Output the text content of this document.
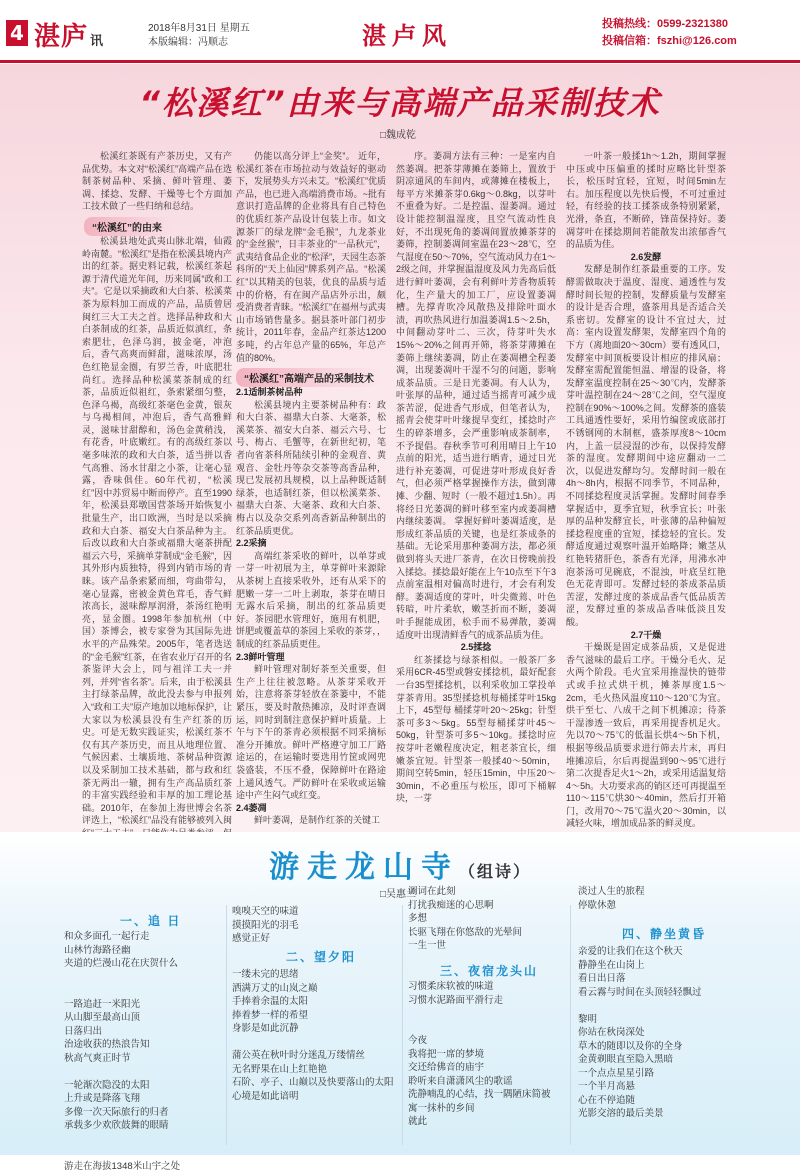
4 湛庐 讯
2018年8月31日 星期五
本版编辑：冯顺志	湛卢风	投稿热线：0599-2321380
投稿信箱：fszhi@126.com
“松溪红”由来与高端产品采制技术
□魏成乾

松溪红茶既有产茶历史，又有产品优势。本文对“松溪红”高端产品在选制茶树品种、采摘、鲜叶管理、萎凋、揉捻、发酵、干燥等七个方面加工技术做了一些归纳和总结。

“松溪红”的由来

松溪县地处武夷山脉北端，仙霞岭南麓。“松溪红”是指在松溪县境内产出的红茶。据史料记载，松溪红茶起源于清代道光年间，历来同属“政和工夫”。它是以采摘政和大白茶、松溪菜茶为原料加工而成的产品，品质曾居闽红三大工夫之首。选择品种政和大白茶制成的红茶，品质近似滇红，条索肥壮，色泽乌润，披金毫，冲泡后，香气高爽而鲜甜，滋味浓厚，汤色红艳显金圈，有罗兰香，叶底肥壮尚红。选择品种松溪菜茶制成的红茶，品质近似祖红，条索紧细匀整，色泽乌褐，高级红茶毫色金黄，银灰与乌褐相间，冲泡后，香气高雅鲜灵，滋味甘甜醇和，汤色金黄稍浅，有花香，叶底嫩红。有的高级红茶以毫多味浓的政和大白茶，适当拼以香气高雅、汤水甘甜之小茶，让毫心显露，香味俱佳。60年代初，“松溪红”因中苏贸易中断而停产。直至1990年，松溪县郑墩国营茶场开始恢复小批量生产，出口欧洲，当时是以采摘政和大白茶、福安大白茶品种为主。后改以政和大白茶或福鼎大毫茶拼配福云六号，采摘单芽制成“金毛猴”，因其外形内质独特，得到内销市场的青睐。该产品条索紧而细，弯曲带勾，毫心显露，密被金黄色茸毛，香气鲜浓高长，滋味醇厚润滑，茶汤红艳明亮，显金圈。1998年参加杭州（中国）茶博会，被专家誉为其国际先进水平的产品殊荣。2005年，笔者选送的“金毛猴”红茶，在省农业厅召开的名茶鉴评大会上，同与祖洋工夫一并列，并列“省名茶”。后来，由于松溪县主打绿茶品牌，故此没去参与申报列入“政和工夫”原产地加以地标保护，让大家以为松溪县没有生产红茶的历史。可是无数实践证实，松溪红茶不仅有其产茶历史，而且从地理位置、气候因素、土壤质地、茶树品种资源以及采制加工技术基础，都与政和红茶无两出一辙，拥有生产高品质红茶的丰富实践经验和丰厚的加工理论基础。2010年，在参加上海世博会名茶评选上，“松溪红”品没有能够被列入闽

仍能以高分评上“金奖”。 近年，松溪红茶在市场拉动与效益好的驱动下，发展势头方兴未艾。“松溪红”优质产品，也已进入高端消费市场。~批有意识打造品牌的企业将具有自己特色的优质红茶产品设计包装上市。如文源茶厂的绿龙牌“金毛猴”，九龙茶业的“金丝猴”，日丰茶业的“一品秋元”，武夷结食品企业的“松泽”，天园生态茶科所的“天上仙园”牌系列产品。“松溪红”以其精美的包装，优良的品质与适中的价格，有在闽产品店外示出，颇受消费者青睐。“松溪红”在福州与武夷山市场销售量多。据县茶叶部门初步统计，2011年春，金品产红茶达1200多吨，约占年总产量的65%，年总产值的80%。

“松溪红”高端产品的采制技术

2.1适制茶树品种

松溪县境内主要茶树品种有：政和大白茶、福鼎大白茶、大毫茶，松溪菜茶、福安大白茶、福云六号、七号、梅占、毛蟹等，在新世纪初，笔者向省茶科所陆续引种的金观音、黄观音、金牡丹等杂交茶等高香品种，现已发展初具规模，以上品种既适制绿茶，也适制红茶，但以松溪菜茶、福鼎大白茶、大毫茶、政和大白茶、梅占以及杂交系列高香新品种制出的红茶品质更优。

2.2采摘

高端红茶采收的鲜叶，以单芽或一芽一叶初展为主，单芽鲜叶来源除从茶树上直接采收外，还有从采下的肥嫩一芽一二叶上剥取，茶芽在晴日无露水后采摘，制出的红茶品质更好。茶园肥水管理好，施用有机肥，饼肥或覆盖草的茶园上采收的茶芽，，制成的红茶品质更佳。

2.3鲜叶管理

鲜叶管理对制好茶至关重要，但生产上往往被忽略。从茶芽采收开始，注意将茶芽轻放在茶篓中，不能紧压，要及时散热摊凉，及时评查调运，同时到制注意保护鲜叶质量。上午与下午的茶青必须根据不同采摘标准分开摊放。鲜叶严格遵守加工厂路途运的，在运输时要选用竹筐或网兜袋盛装，不压不叠，保障鲜叶在路途上通风透气。严防鲜叶在采收或运输途中产生闷气或红变。

2.4萎凋

鲜叶萎凋，是制作红茶的关键工

序。萎凋方法有三种：一是室内自然萎凋。把茶芽薄摊在萎筛上，置放于阴凉通风的车间内，或薄摊在楼板上，每平方米摊茶芽0.6kg～0.8kg，以芽叶不重叠为好。二是控温、湿萎凋。通过设计能控制温湿度，且空气流动性良好，不出现死角的萎凋间置放摊茶芽的萎筛，控制萎凋间室温在23～28℃，空气湿度在50～70%，空气流动风力在1～2级之间，并掌握温湿度及风力先高后低进行鲜叶萎凋，会有利鲜叶芳香物质转化，生产量大的加工厂，应设置萎凋槽。先撑青吹冷风散热及排除叶面水渍，再吹热风进行加温萎凋1.5～2.5h，中间翻动芽叶二、三次，待芽叶失水15%～20%之间再开筛，将茶芽薄摊在萎筛上继续萎凋，防止在萎凋槽全程萎凋，出现萎凋叶干湿不匀的问题，影响成茶品质。三是日光萎凋。有人认为，叶张厚的品种，通过适当摇青可减少成茶苦涩，促进香气形成，但笔者认为，摇青会使芽叶叶缘提早变红，揉捻时产生的碎茶增多，会严重影响成茶制率，不予提倡。春秋季节可利用晴日上午10点前的阳光，适当进行晒青，通过日光进行补充萎凋，可促进芽叶形成良好香气，但必须严格掌握操作方法，做到薄摊、少翻、短时（一般不超过1.5h）。再将经日光萎凋的鲜叶移至室内或萎凋槽内继续萎凋。 掌握好鲜叶萎凋适度，是形成红茶品质的关键，也是红茶成条的基础。无论采用那种萎凋方法，都必须做到将头天进厂茶青，在次日傍晚前投入揉捻。揉捻最好能在上午10点至下午3点前室温相对偏高时进行，才会有利发酵。萎凋适度的芽叶，叶尖微蔫、叶色转暗，叶片柔软，嫩茎折而不断，萎凋叶手握能成团，松手而不易弹散，萎凋适度叶出现清鲜香气的成茶品质为佳。

2.5揉捻

红茶揉捻与绿茶相似。一般茶厂多采用6CR-45型或磐安揉捻机，最好配套一台35型揉捻机，以利采收加工掌投单芽茶青用。35型揉捻机每桶揉芽叶15kg上下，45型每 桶揉芽叶20～25kg；针型茶可多3～5kg。55型每桶揉芽叶45～50kg，针型茶可多5～10kg。揉捻时应按芽叶老嫩程度决定，粗老茶宜长，细嫩茶宜短。针型茶一般揉40～50min，期间空转5min，轻压15min，中压20～30min，不必重压与松压，即可下桶解块，一芽

一叶茶一般揉1h～1.2h，期间掌握中压或中压偏重的揉时应略比针型茶长，松压时宜轻，宜短，时间5min左右。加压程度以先快后慢，不可过重过轻，有经验的技工揉茶成条特别紧紧，光滑，条直，不断碎，锋苗保持好。萎凋芽叶在揉捻期间若能散发出浓郁香气的品质为佳。

2.6发酵

发酵是制作红茶最重要的工序。发酵需做取决于温度、湿度、通透性与发酵时间长短的控制，发酵质量与发酵室的设计是否合理，盛茶用具是否适合关系密切。发酵室的设计不宜过大，过高：室内设置发酵架，发酵室四个角的下方（离地面20～30cm）要有透风口，发酵室中间顶板要设计相应的排风扇；发酵室需配置能恒温、增湿的设备，将发酵室温度控制在25～30℃内，发酵茶芽叶温控制在24～28℃之间，空气湿度控制在90%～100%之间。发酵茶的盛装工具通透性要好，采用竹编筐或底部打不锈钢网的木制框，盛茶厚度8～10cm内，上盖一层浸湿的沙布，以保持发酵茶的湿度。发酵期间中途应翻动一二次，以促进发酵均匀。发酵时间一般在4h～8h内，根据不同季节，不同品种，不同揉捻程度灵活掌握。发酵时间春季掌握适中，夏季宜短，秋季宜长；叶张厚的品种发酵宜长，叶张薄的品种偏短揉捻程度重的宜短，揉捻轻的宜长。发酵适度通过观察叶温开始略降；嫩茎从红艳转猪肝色，茶香有光泽，用沸水冲泡茶汤可见碗底，不混浊，叶底呈红艳色无花青即可。发酵过轻的茶成茶品质苦涩，发酵过度的茶成品香气低品质苦涩，发酵过重的茶成品香味低淡且发酸。

2.7干燥

干燥既是固定成茶品质，又是促进香气滋味的最后工序。干燥分毛火、足火两个阶段。毛火宜采用推湿快的链带式或手拉式烘干机，摊茶厚度1.5～2cm，毛火热风温度110～120℃为宜。烘干至七、八成干之间下机摊凉；待茶干湿渗透一致后，再采用提香机足火。先以70～75℃的低温长烘4～5h下机，根据等级品质要求进行筛去片末，再归堆摊凉后，尔后再提温到90～95℃进行第二次提香足火1～2h，或采用适温复焙4～5h。大功要求高的销区还可再提温至110～115℃烘30～40min，然后打开箱门，改用70～75℃温火20～30min，以减轻火味，增加成品茶的鲜灵度。

游走龙山寺（组诗）
□吴惠兰
一、追 日
和众多面孔一起行走
山林竹海路径幽
夹道的烂漫山花在庆贺什么

一路追赶一米阳光
从山脚至最高山顶
日落归出
治途收获的热浪告知
秋高气爽正时节

一轮渐次隐没的太阳
上升或是降落飞翔
多像一次天际旅行的归者
承载多少欢欣鼓舞的眼睛

游走在海拔1348米山宇之处
嗅嗅天空的味道
摸摸阳光的羽毛
感觉正好
二、望夕阳
一缕未完的思绪
洒满万丈的山岚之巅
手捧着余温的太阳
捧着梦一样的希望
身影是如此沉静

蒲公英在秋叶时分迷乱万缕情丝
无名野果在山上红艳艳
石阶、亭子、山巅以及快要落山的太阳
心境是如此谙明
调词在此刻
打扰我痴迷的心思啊
多想
长驱飞翔在你悠敌的光晕间
一生一世
三、夜宿龙头山
习惯柔床软被的味道
习惯水泥路面平滑行走

今夜
我将把一席的梦境
交还给佛音的庙宇
聆听来自潇潇风尘的歌谣
洗静喃乱的心结，找一隅陋床简被
寓一抹朴的乡间
就此
淡过人生的旅程
停歇休憩
四、静坐黄昏
亲爱的让我们在这个秋天
静静坐在山岗上
看日出日落
看云霧与时间在头顶轻轻飘过

黎明
你站在秋岗深处
草木的随即以及你的全身
金黄剃眼直至隐入黑暗
一个点点星星引路
一个半月高悬
心在不停追随
光影交溶的最后美景
